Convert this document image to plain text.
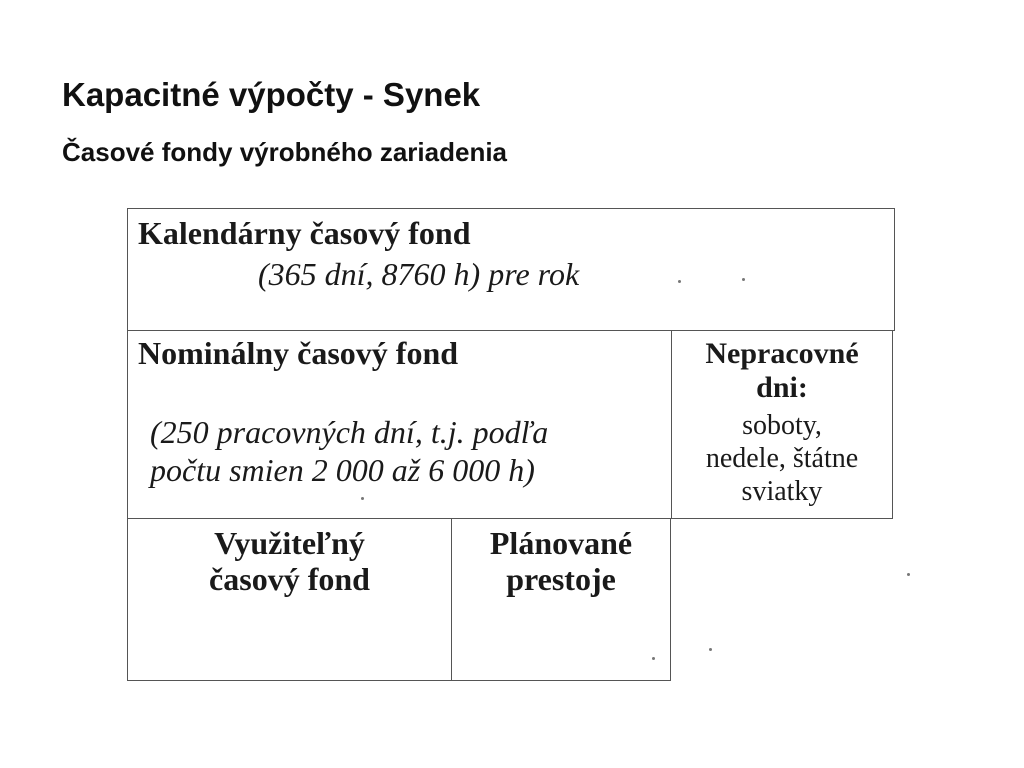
Kapacitné výpočty - Synek
Časové fondy výrobného zariadenia
Kalendárny časový fond
(365 dní, 8760 h) pre rok
Nominálny časový fond
(250 pracovných dní, t.j. podľa
počtu smien 2 000 až 6 000 h)
Nepracovné
dni:
soboty,
nedele, štátne
sviatky
Využiteľný
časový fond
Plánované
prestoje
